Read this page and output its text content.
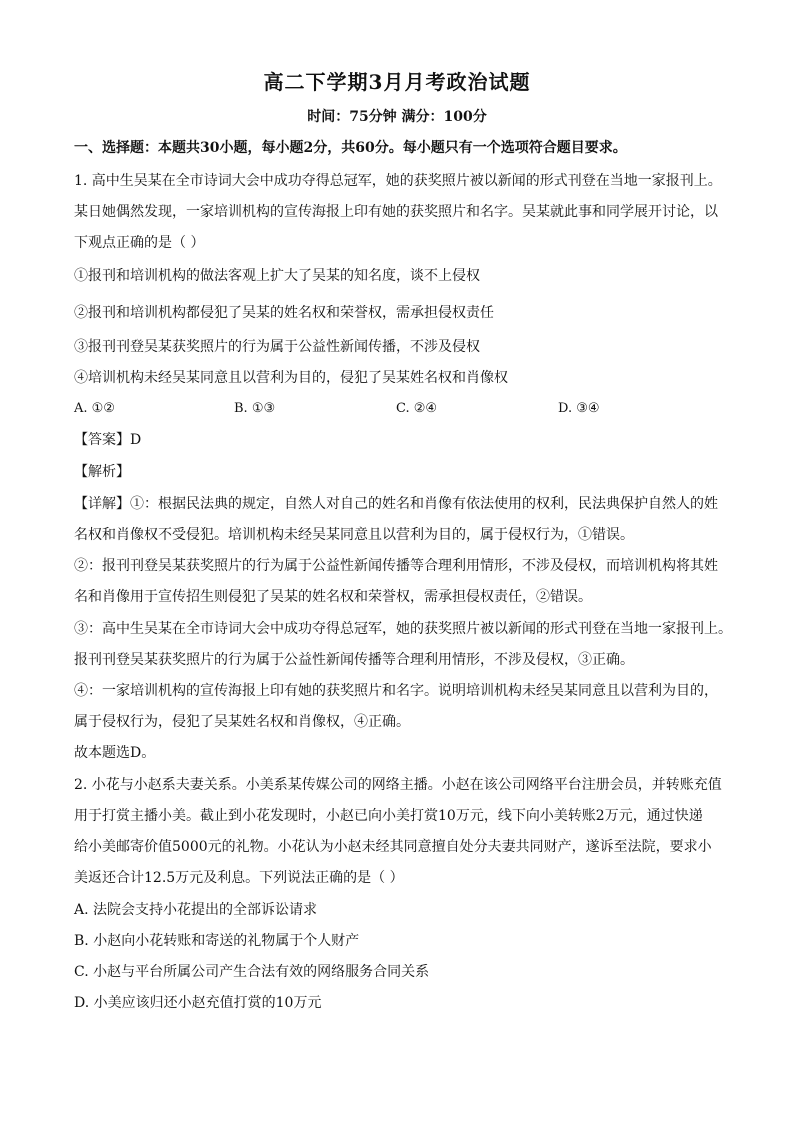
高二下学期3月月考政治试题
时间：75分钟 满分：100分
一、选择题：本题共30小题，每小题2分，共60分。每小题只有一个选项符合题目要求。
1. 高中生吴某在全市诗词大会中成功夺得总冠军，她的获奖照片被以新闻的形式刊登在当地一家报刊上。
某日她偶然发现，一家培训机构的宣传海报上印有她的获奖照片和名字。吴某就此事和同学展开讨论，以
下观点正确的是（ ）
①报刊和培训机构的做法客观上扩大了吴某的知名度，谈不上侵权
②报刊和培训机构都侵犯了吴某的姓名权和荣誉权，需承担侵权责任
③报刊刊登吴某获奖照片的行为属于公益性新闻传播，不涉及侵权
④培训机构未经吴某同意且以营利为目的，侵犯了吴某姓名权和肖像权
A. ①②	B. ①③	C. ②④	D. ③④
【答案】D
【解析】
【详解】①：根据民法典的规定，自然人对自己的姓名和肖像有依法使用的权利，民法典保护自然人的姓
名权和肖像权不受侵犯。培训机构未经吴某同意且以营利为目的，属于侵权行为，①错误。
②：报刊刊登吴某获奖照片的行为属于公益性新闻传播等合理利用情形，不涉及侵权，而培训机构将其姓
名和肖像用于宣传招生则侵犯了吴某的姓名权和荣誉权，需承担侵权责任，②错误。
③：高中生吴某在全市诗词大会中成功夺得总冠军，她的获奖照片被以新闻的形式刊登在当地一家报刊上。
报刊刊登吴某获奖照片的行为属于公益性新闻传播等合理利用情形，不涉及侵权，③正确。
④：一家培训机构的宣传海报上印有她的获奖照片和名字。说明培训机构未经吴某同意且以营利为目的，
属于侵权行为，侵犯了吴某姓名权和肖像权，④正确。
故本题选D。
2. 小花与小赵系夫妻关系。小美系某传媒公司的网络主播。小赵在该公司网络平台注册会员，并转账充值
用于打赏主播小美。截止到小花发现时，小赵已向小美打赏10万元，线下向小美转账2万元，通过快递
给小美邮寄价值5000元的礼物。小花认为小赵未经其同意擅自处分夫妻共同财产，遂诉至法院，要求小
美返还合计12.5万元及利息。下列说法正确的是（ ）
A. 法院会支持小花提出的全部诉讼请求
B. 小赵向小花转账和寄送的礼物属于个人财产
C. 小赵与平台所属公司产生合法有效的网络服务合同关系
D. 小美应该归还小赵充值打赏的10万元
